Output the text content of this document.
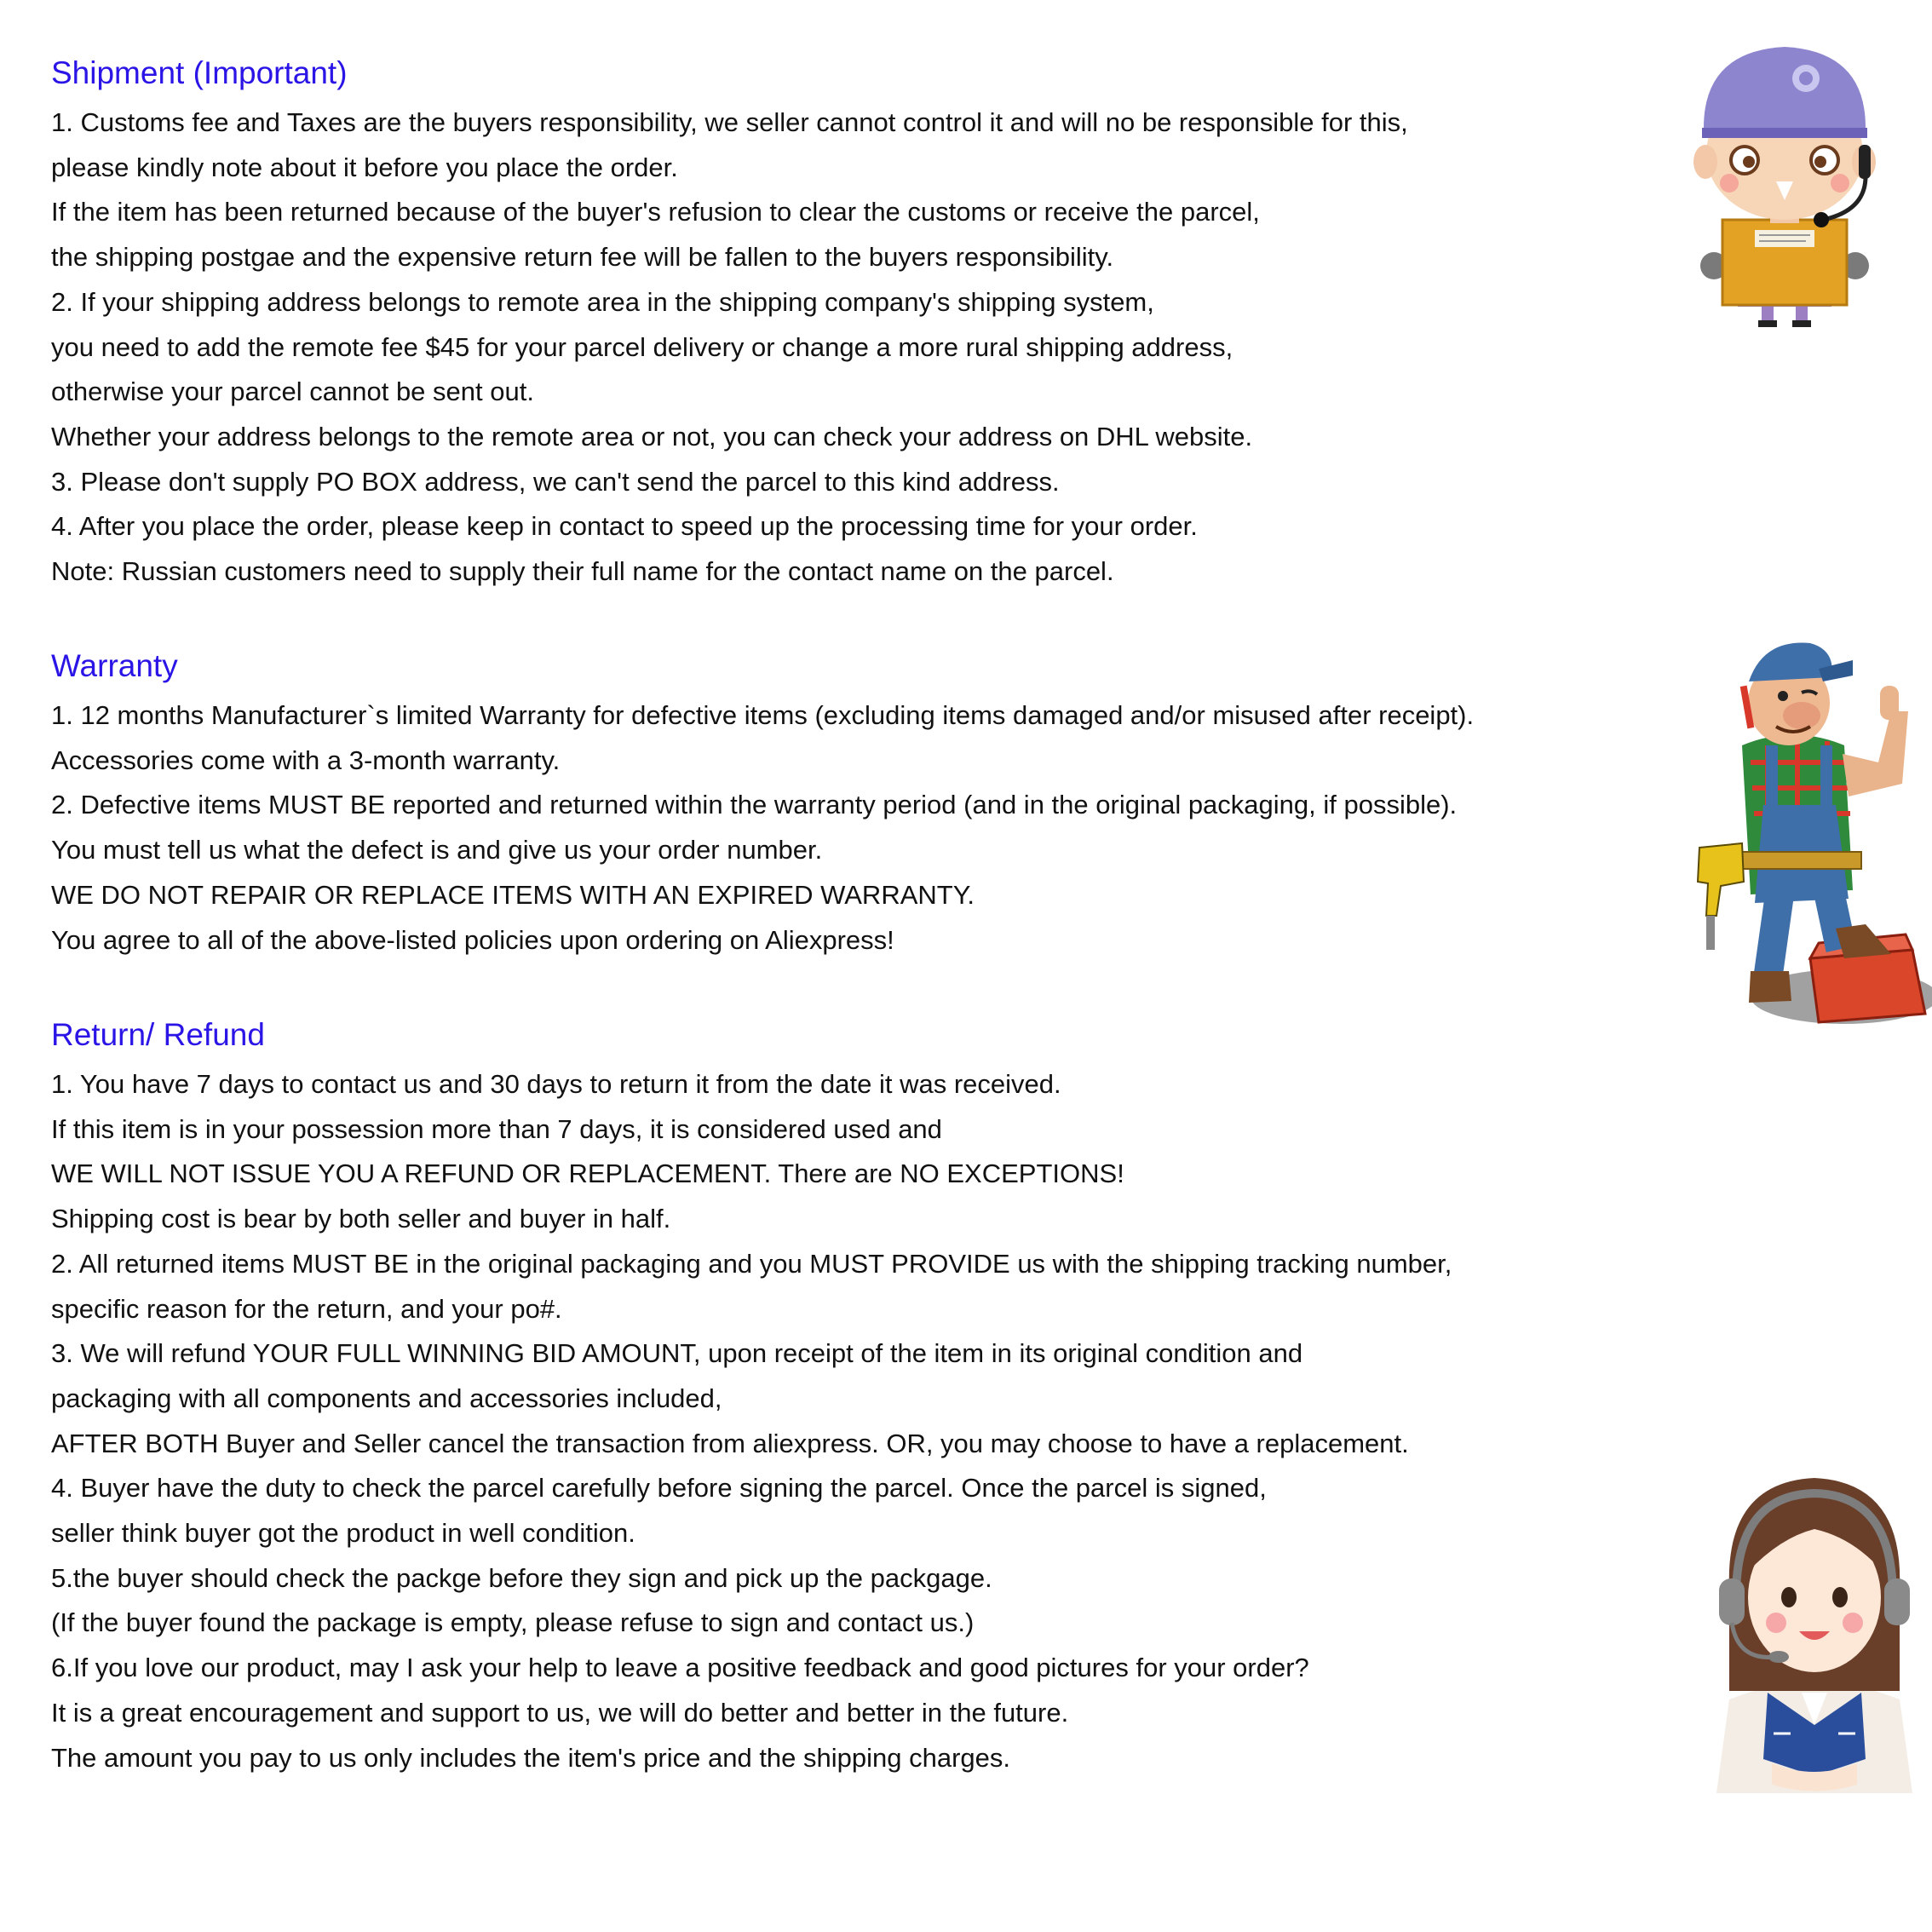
Shipment (Important)
1. Customs fee and Taxes are the buyers responsibility, we seller cannot control it and will no be responsible for this,
please kindly note about it before you place the order.
If the item has been returned because of the buyer's refusion to clear the customs or receive the parcel,
the shipping postgae and the expensive return fee will be fallen to the buyers responsibility.
2. If your shipping address belongs to remote area in the shipping company's shipping system,
you need to add the remote fee $45 for your parcel delivery or change a more rural shipping address,
otherwise your parcel cannot be sent out.
Whether your address belongs to the remote area or not, you can check your address on DHL website.
3. Please don't supply PO BOX address, we can't send the parcel to this kind address.
4. After you place the order, please keep in contact to speed up the processing time for your order.
Note: Russian customers need to supply their full name for the contact name on the parcel.
Warranty
1. 12 months Manufacturer`s limited Warranty for defective items (excluding items damaged and/or misused after receipt).
Accessories come with a 3-month warranty.
2. Defective items MUST BE reported and returned within the warranty period (and in the original packaging, if possible).
You must tell us what the defect is and give us your order number.
WE DO NOT REPAIR OR REPLACE ITEMS WITH AN EXPIRED WARRANTY.
You agree to all of the above-listed policies upon ordering on Aliexpress!
Return/ Refund
1. You have 7 days to contact us and 30 days to return it from the date it was received.
If this item is in your possession more than 7 days, it is considered used and
WE WILL NOT ISSUE YOU A REFUND OR REPLACEMENT. There are NO EXCEPTIONS!
Shipping cost is bear by both seller and buyer in half.
2. All returned items MUST BE in the original packaging and you MUST PROVIDE us with the shipping tracking number,
specific reason for the return, and your po#.
3. We will refund YOUR FULL WINNING BID AMOUNT, upon receipt of the item in its original condition and
packaging with all components and accessories included,
AFTER BOTH Buyer and Seller cancel the transaction from aliexpress. OR, you may choose to have a replacement.
4. Buyer have the duty to check the parcel carefully before signing the parcel. Once the parcel is signed,
seller think buyer got the product in well condition.
5.the buyer should check the packge before they sign and pick up the packgage.
(If the buyer found the package is empty, please refuse to sign and contact us.)
6.If you love our product, may I ask your help to leave a positive feedback and good pictures for your order?
It is a great encouragement and support to us, we will do better and better in the future.
The amount you pay to us only includes the item's price and the shipping charges.
